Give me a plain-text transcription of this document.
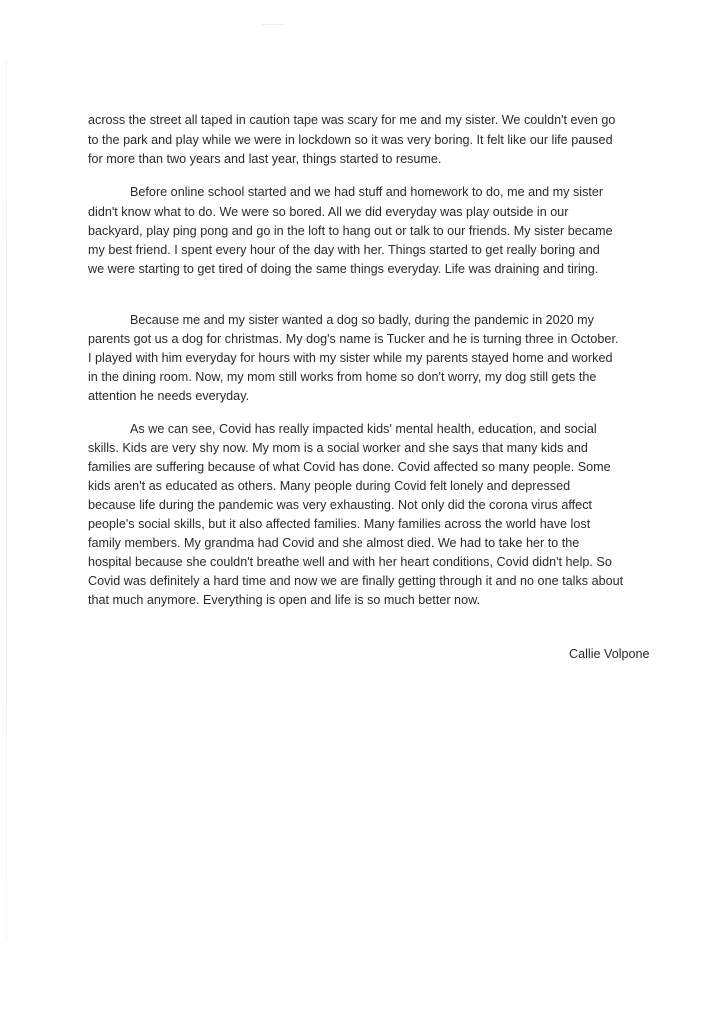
across the street all taped in caution tape was scary for me and my sister. We couldn't even go
to the park and play while we were in lockdown so it was very boring. It felt like our life paused
for more than two years and last year, things started to resume.
Before online school started and we had stuff and homework to do, me and my sister
didn't know what to do. We were so bored. All we did everyday was play outside in our
backyard, play ping pong and go in the loft to hang out or talk to our friends. My sister became
my best friend. I spent every hour of the day with her. Things started to get really boring and
we were starting to get tired of doing the same things everyday. Life was draining and tiring.
Because me and my sister wanted a dog so badly, during the pandemic in 2020 my
parents got us a dog for christmas. My dog's name is Tucker and he is turning three in October.
I played with him everyday for hours with my sister while my parents stayed home and worked
in the dining room. Now, my mom still works from home so don't worry, my dog still gets the
attention he needs everyday.
As we can see, Covid has really impacted kids' mental health, education, and social
skills. Kids are very shy now. My mom is a social worker and she says that many kids and
families are suffering because of what Covid has done. Covid affected so many people. Some
kids aren't as educated as others. Many people during Covid felt lonely and depressed
because life during the pandemic was very exhausting. Not only did the corona virus affect
people's social skills, but it also affected families. Many families across the world have lost
family members. My grandma had Covid and she almost died. We had to take her to the
hospital because she couldn't breathe well and with her heart conditions, Covid didn't help. So
Covid was definitely a hard time and now we are finally getting through it and no one talks about
that much anymore. Everything is open and life is so much better now.
Callie Volpone
